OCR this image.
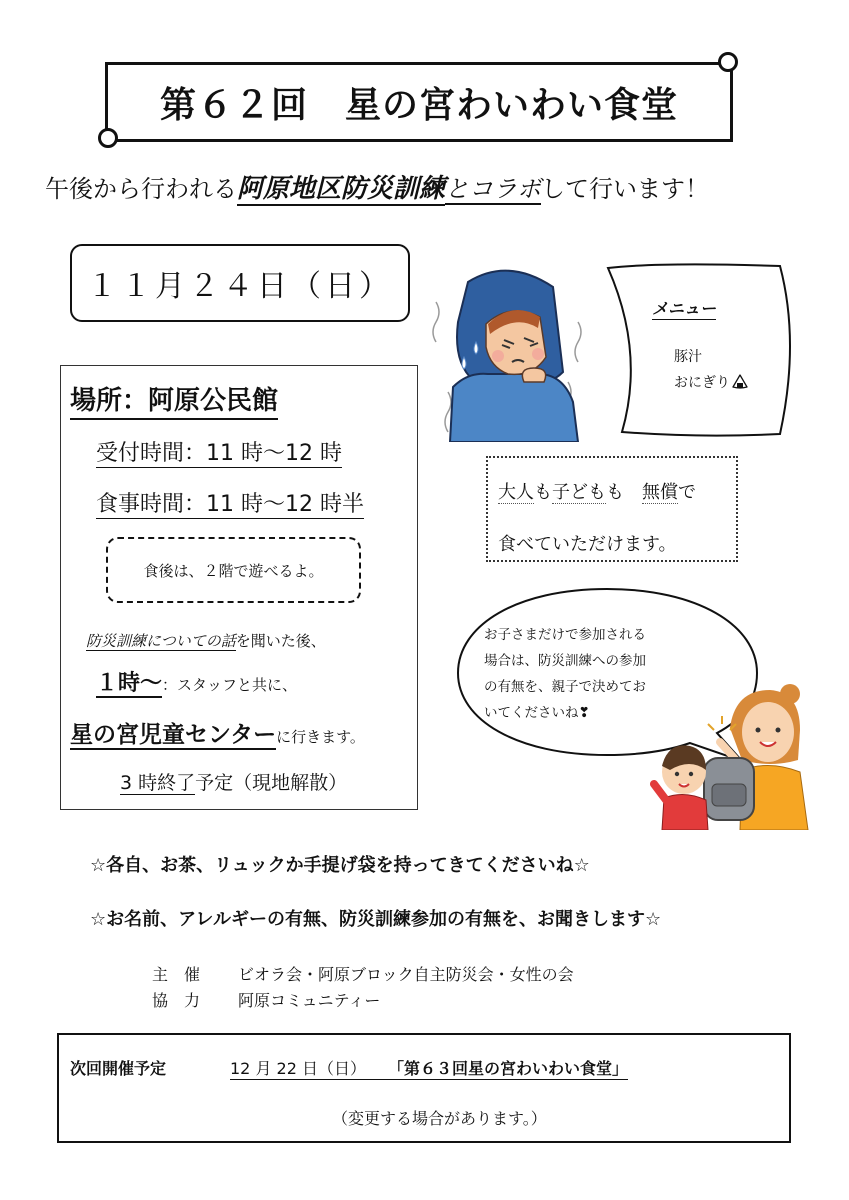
第６２回　星の宮わいわい食堂
午後から行われる阿原地区防災訓練とコラボして行います！
１１月２４日（日）
メニュー
豚汁
おにぎり
場所：阿原公民館
受付時間：11 時〜12 時
食事時間：11 時〜12 時半
食後は、２階で遊べるよ。
防災訓練についての話を聞いた後、
１時〜：スタッフと共に、
星の宮児童センターに行きます。
3 時終了予定（現地解散）
大人も子どもも　無償で
食べていただけます。
お子さまだけで参加される
場合は、防災訓練への参加
の有無を、親子で決めてお
いてくださいね❣
☆各自、お茶、リュックか手提げ袋を持ってきてくださいね☆
☆お名前、アレルギーの有無、防災訓練参加の有無を、お聞きします☆
主　催 ビオラ会・阿原ブロック自主防災会・女性の会
協　力 阿原コミュニティー
次回開催予定	12 月 22 日（日） 「第６３回星の宮わいわい食堂」
（変更する場合があります。）
